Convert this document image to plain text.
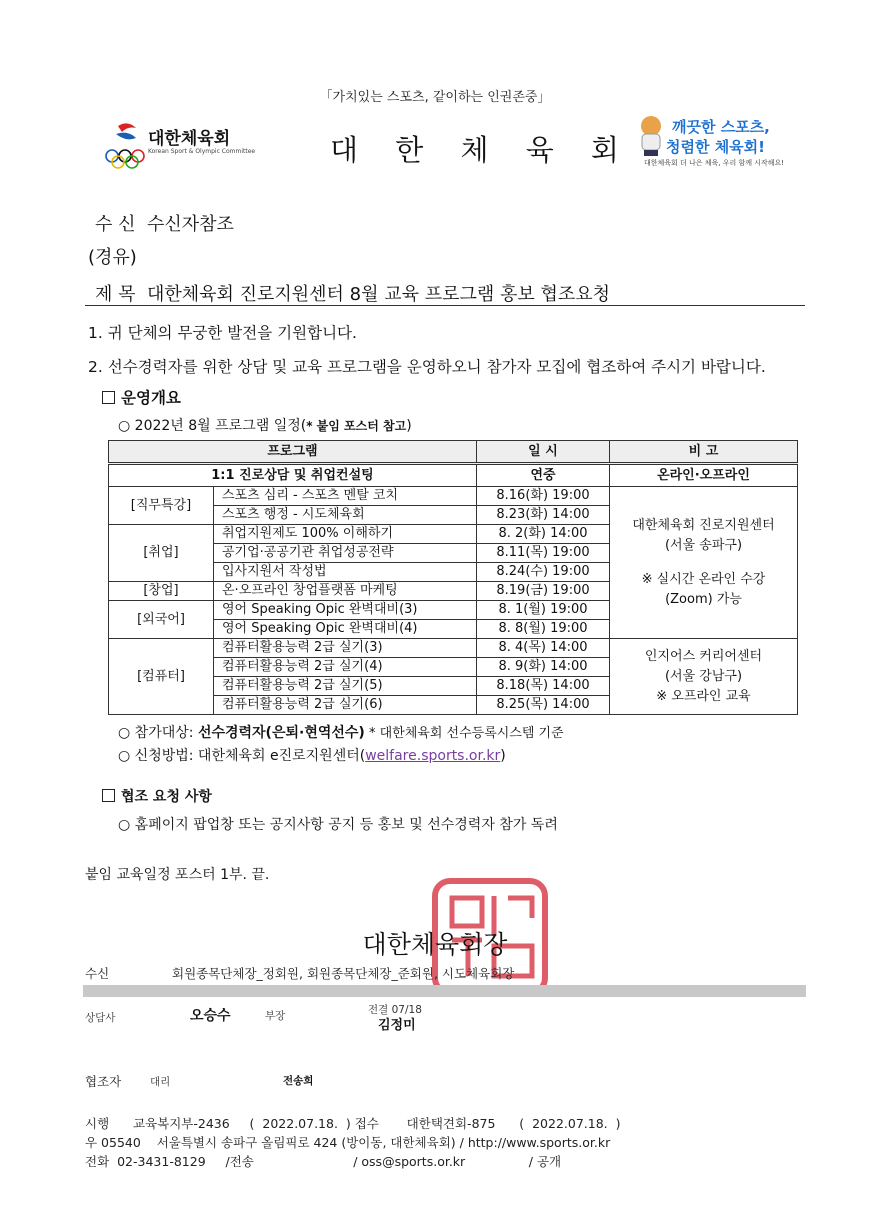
「가치있는 스포츠, 같이하는 인권존중」
대한체육회
Korean Sport & Olympic Committee	대 한 체 육 회
깨끗한 스포츠,
청렴한 체육회!
대한체육회 더 나은 체육, 우리 함께 시작해요!
수 신 수신자참조
(경유)
제 목 대한체육회 진로지원센터 8월 교육 프로그램 홍보 협조요청
1. 귀 단체의 무궁한 발전을 기원합니다.
2. 선수경력자를 위한 상담 및 교육 프로그램을 운영하오니 참가자 모집에 협조하여 주시기 바랍니다.
운영개요
○ 2022년 8월 프로그램 일정(* 붙임 포스터 참고)
프로그램		일 시	비 고
1:1 진로상담 및 취업컨설팅		연중	온라인·오프라인
[직무특강]	스포츠 심리 - 스포츠 멘탈 코치	8.16(화) 19:00	대한체육회 진로지원센터
(서울 송파구)
※ 실시간 온라인 수강
(Zoom) 가능

	스포츠 행정 - 시도체육회	8.23(화) 14:00	
[취업]	취업지원제도 100% 이해하기	8. 2(화) 14:00	
	공기업·공공기관 취업성공전략	8.11(목) 19:00	
	입사지원서 작성법	8.24(수) 19:00	
[창업]	온·오프라인 창업플랫폼 마케팅	8.19(금) 19:00	
[외국어]	영어 Speaking Opic 완벽대비(3)	8. 1(월) 19:00	
	영어 Speaking Opic 완벽대비(4)	8. 8(월) 19:00	
[컴퓨터]	컴퓨터활용능력 2급 실기(3)	8. 4(목) 14:00	인지어스 커리어센터
(서울 강남구)
※ 오프라인 교육

	컴퓨터활용능력 2급 실기(4)	8. 9(화) 14:00	
	컴퓨터활용능력 2급 실기(5)	8.18(목) 14:00	
	컴퓨터활용능력 2급 실기(6)	8.25(목) 14:00	
○ 참가대상: 선수경력자(은퇴·현역선수) * 대한체육회 선수등록시스템 기준
○ 신청방법: 대한체육회 e진로지원센터(welfare.sports.or.kr)
협조 요청 사항
○ 홈페이지 팝업창 또는 공지사항 공지 등 홍보 및 선수경력자 참가 독려
붙임 교육일정 포스터 1부. 끝.
대한체육회장
수신	회원종목단체장_정회원, 회원종목단체장_준회원, 시도체육회장
상담사	오승수	부장	전결 07/18
김정미
협조자	대리	전송희
시행      교육복지부-2436     (  2022.07.18.  ) 접수       대한택견회-875      (  2022.07.18.  )
우 05540    서울특별시 송파구 올림픽로 424 (방이동, 대한체육회) / http://www.sports.or.kr
전화  02-3431-8129     /전송                         / oss@sports.or.kr                / 공개
